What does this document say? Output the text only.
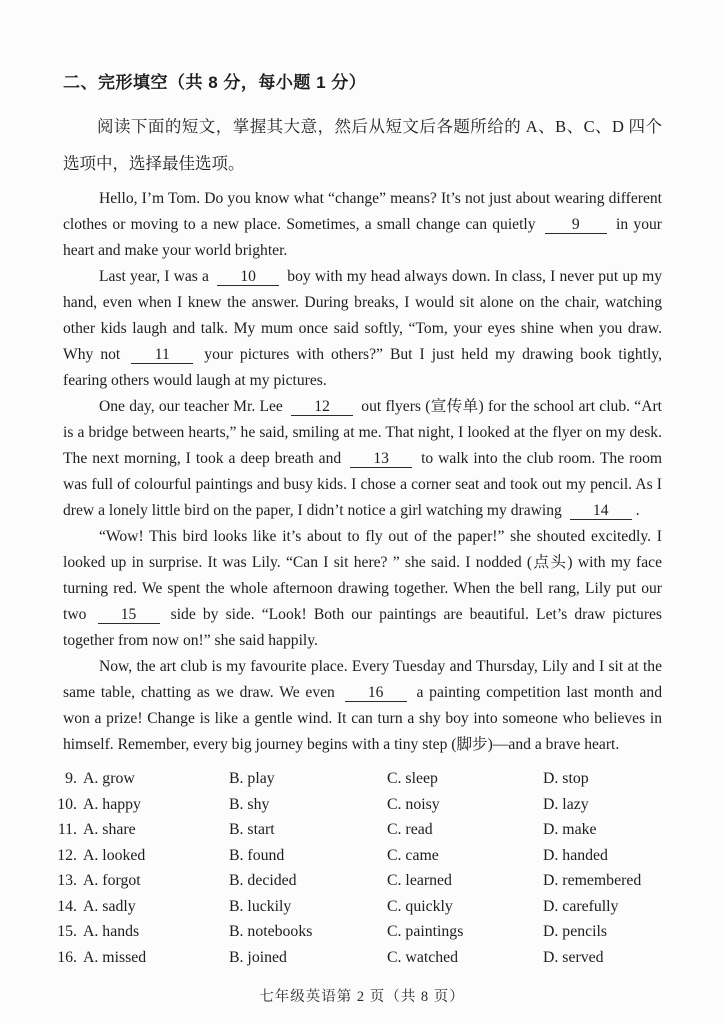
二、完形填空（共 8 分，每小题 1 分）

阅读下面的短文，掌握其大意，然后从短文后各题所给的 A、B、C、D 四个选项中，选择最佳选项。

Hello, I’m Tom. Do you know what “change” means? It’s not just about wearing different clothes or moving to a new place. Sometimes, a small change can quietly 9 in your heart and make your world brighter.

Last year, I was a 10 boy with my head always down. In class, I never put up my hand, even when I knew the answer. During breaks, I would sit alone on the chair, watching other kids laugh and talk. My mum once said softly, “Tom, your eyes shine when you draw. Why not 11 your pictures with others?” But I just held my drawing book tightly, fearing others would laugh at my pictures.

One day, our teacher Mr. Lee 12 out flyers (宣传单) for the school art club. “Art is a bridge between hearts,” he said, smiling at me. That night, I looked at the flyer on my desk. The next morning, I took a deep breath and 13 to walk into the club room. The room was full of colourful paintings and busy kids. I chose a corner seat and took out my pencil. As I drew a lonely little bird on the paper, I didn’t notice a girl watching my drawing 14 .

“Wow! This bird looks like it’s about to fly out of the paper!” she shouted excitedly. I looked up in surprise. It was Lily. “Can I sit here? ” she said. I nodded (点头) with my face turning red. We spent the whole afternoon drawing together. When the bell rang, Lily put our two 15 side by side. “Look! Both our paintings are beautiful. Let’s draw pictures together from now on!” she said happily.

Now, the art club is my favourite place. Every Tuesday and Thursday, Lily and I sit at the same table, chatting as we draw. We even 16 a painting competition last month and won a prize! Change is like a gentle wind. It can turn a shy boy into someone who believes in himself. Remember, every big journey begins with a tiny step (脚步)—and a brave heart.

9. A. grow	B. play	C. sleep	D. stop
10. A. happy	B. shy	C. noisy	D. lazy
11. A. share	B. start	C. read	D. make
12. A. looked	B. found	C. came	D. handed
13. A. forgot	B. decided	C. learned	D. remembered
14. A. sadly	B. luckily	C. quickly	D. carefully
15. A. hands	B. notebooks	C. paintings	D. pencils
16. A. missed	B. joined	C. watched	D. served
七年级英语第 2 页（共 8 页）
